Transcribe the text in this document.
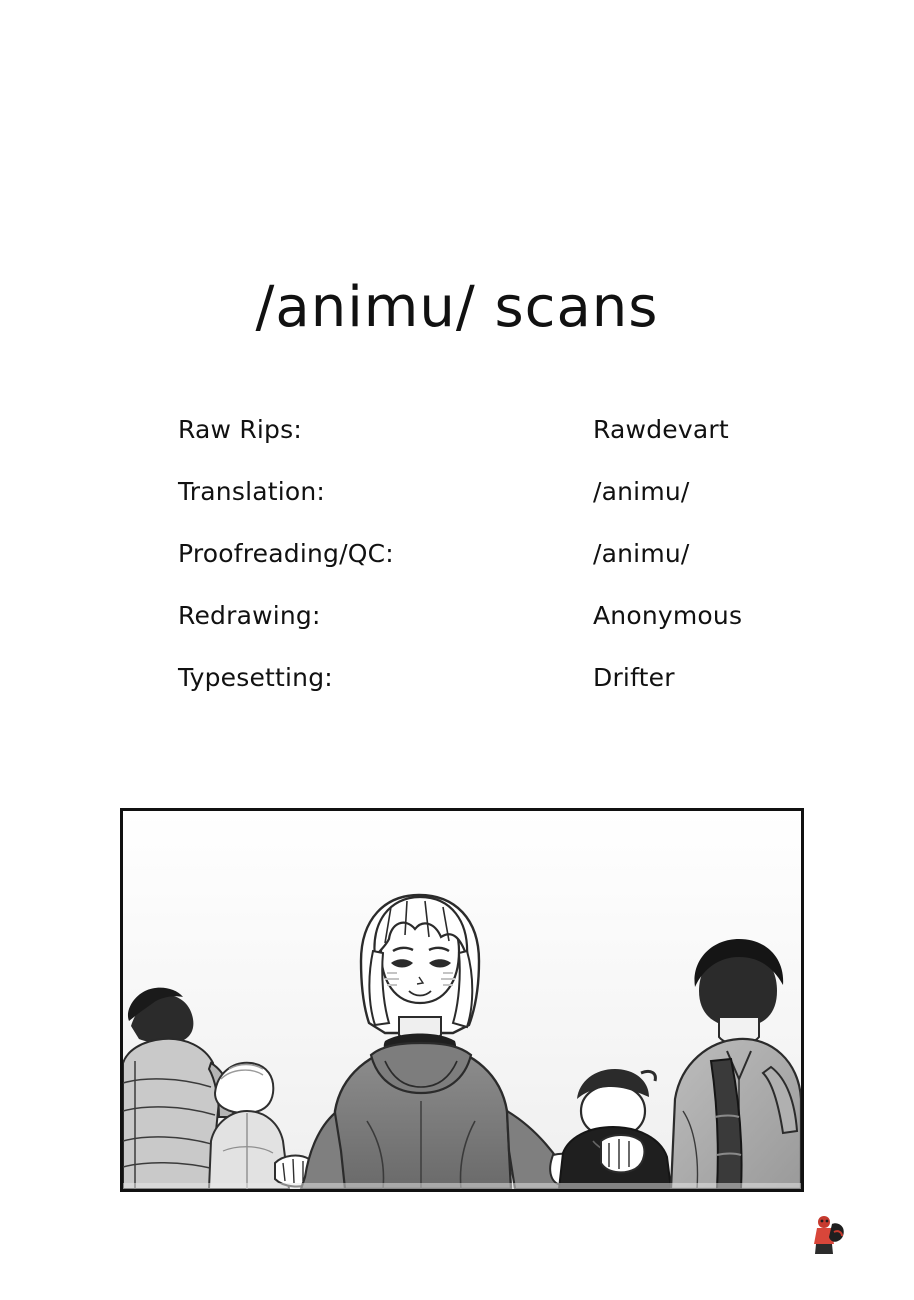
/animu/ scans
Raw Rips:	Rawdevart
Translation:	/animu/
Proofreading/QC:	/animu/
Redrawing:	Anonymous
Typesetting:	Drifter
